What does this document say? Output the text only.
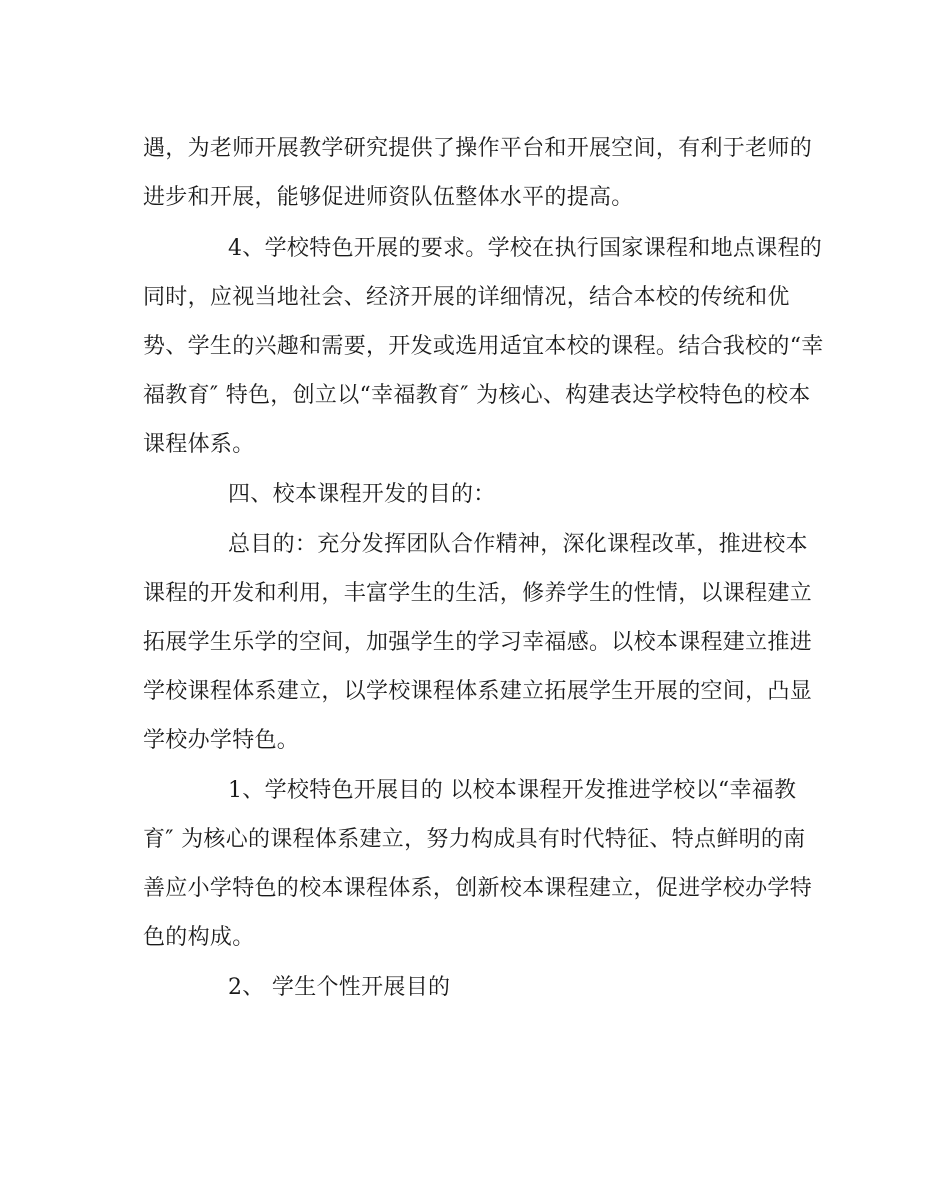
遇，为老师开展教学研究提供了操作平台和开展空间，有利于老师的
进步和开展，能够促进师资队伍整体水平的提高。
4、学校特色开展的要求。学校在执行国家课程和地点课程的
同时，应视当地社会、经济开展的详细情况，结合本校的传统和优
势、学生的兴趣和需要，开发或选用适宜本校的课程。结合我校的“幸
福教育″ 特色，创立以“幸福教育″ 为核心、构建表达学校特色的校本
课程体系。
四、校本课程开发的目的：
总目的：充分发挥团队合作精神，深化课程改革，推进校本
课程的开发和利用，丰富学生的生活，修养学生的性情，以课程建立
拓展学生乐学的空间，加强学生的学习幸福感。以校本课程建立推进
学校课程体系建立，以学校课程体系建立拓展学生开展的空间，凸显
学校办学特色。
1、学校特色开展目的 以校本课程开发推进学校以“幸福教
育″ 为核心的课程体系建立，努力构成具有时代特征、特点鲜明的南
善应小学特色的校本课程体系，创新校本课程建立，促进学校办学特
色的构成。
2、 学生个性开展目的
